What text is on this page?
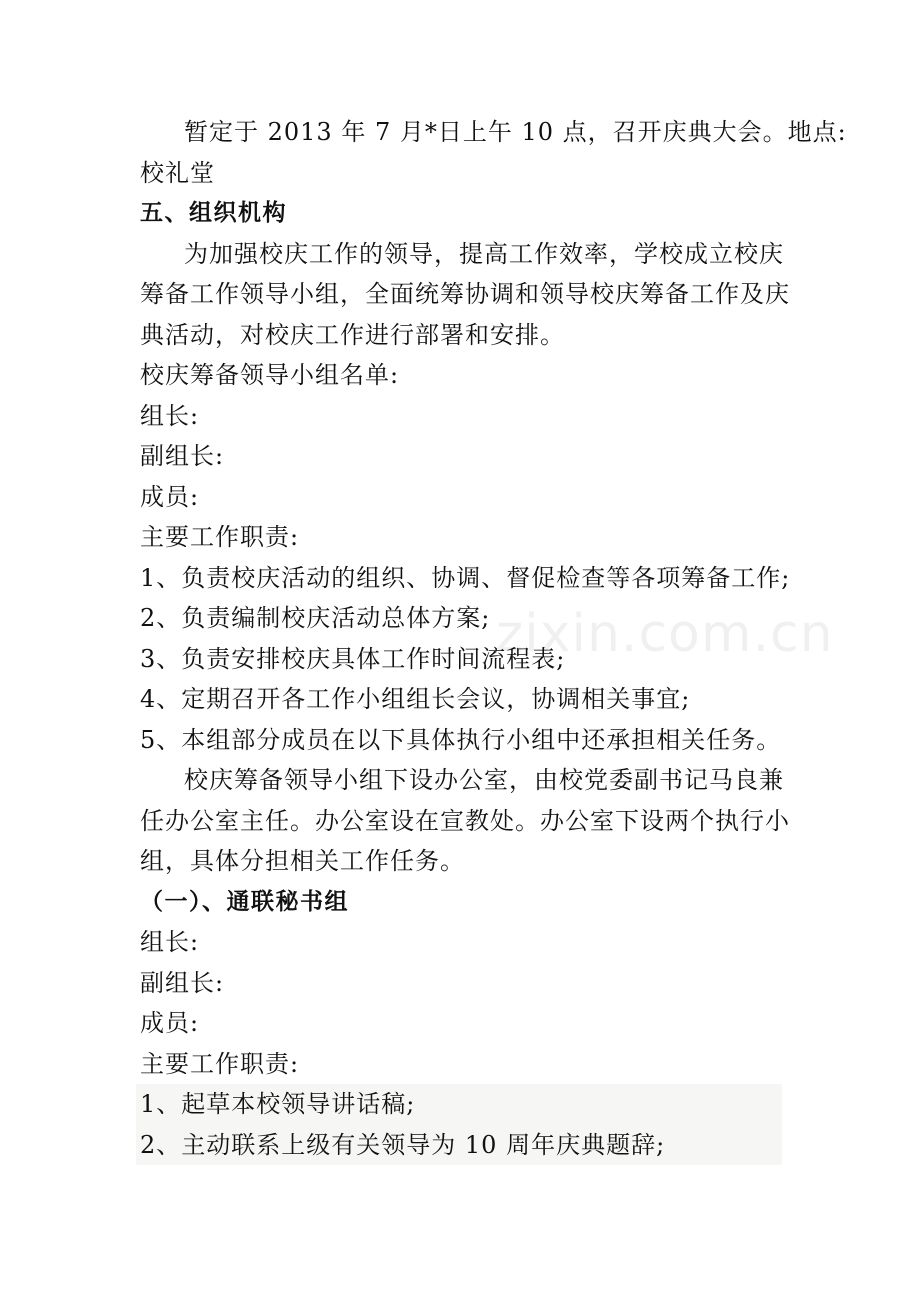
zixin.com.cn
暂定于 2013 年 7 月*日上午 10 点，召开庆典大会。地点:
校礼堂
五、组织机构
为加强校庆工作的领导，提高工作效率，学校成立校庆
筹备工作领导小组，全面统筹协调和领导校庆筹备工作及庆
典活动，对校庆工作进行部署和安排。
校庆筹备领导小组名单:
组长:
副组长:
成员:
主要工作职责:
1、负责校庆活动的组织、协调、督促检查等各项筹备工作;
2、负责编制校庆活动总体方案;
3、负责安排校庆具体工作时间流程表;
4、定期召开各工作小组组长会议，协调相关事宜;
5、本组部分成员在以下具体执行小组中还承担相关任务。
校庆筹备领导小组下设办公室，由校党委副书记马良兼
任办公室主任。办公室设在宣教处。办公室下设两个执行小
组，具体分担相关工作任务。
（一）、通联秘书组
组长:
副组长:
成员:
主要工作职责:
1、起草本校领导讲话稿;
2、主动联系上级有关领导为 10 周年庆典题辞;
